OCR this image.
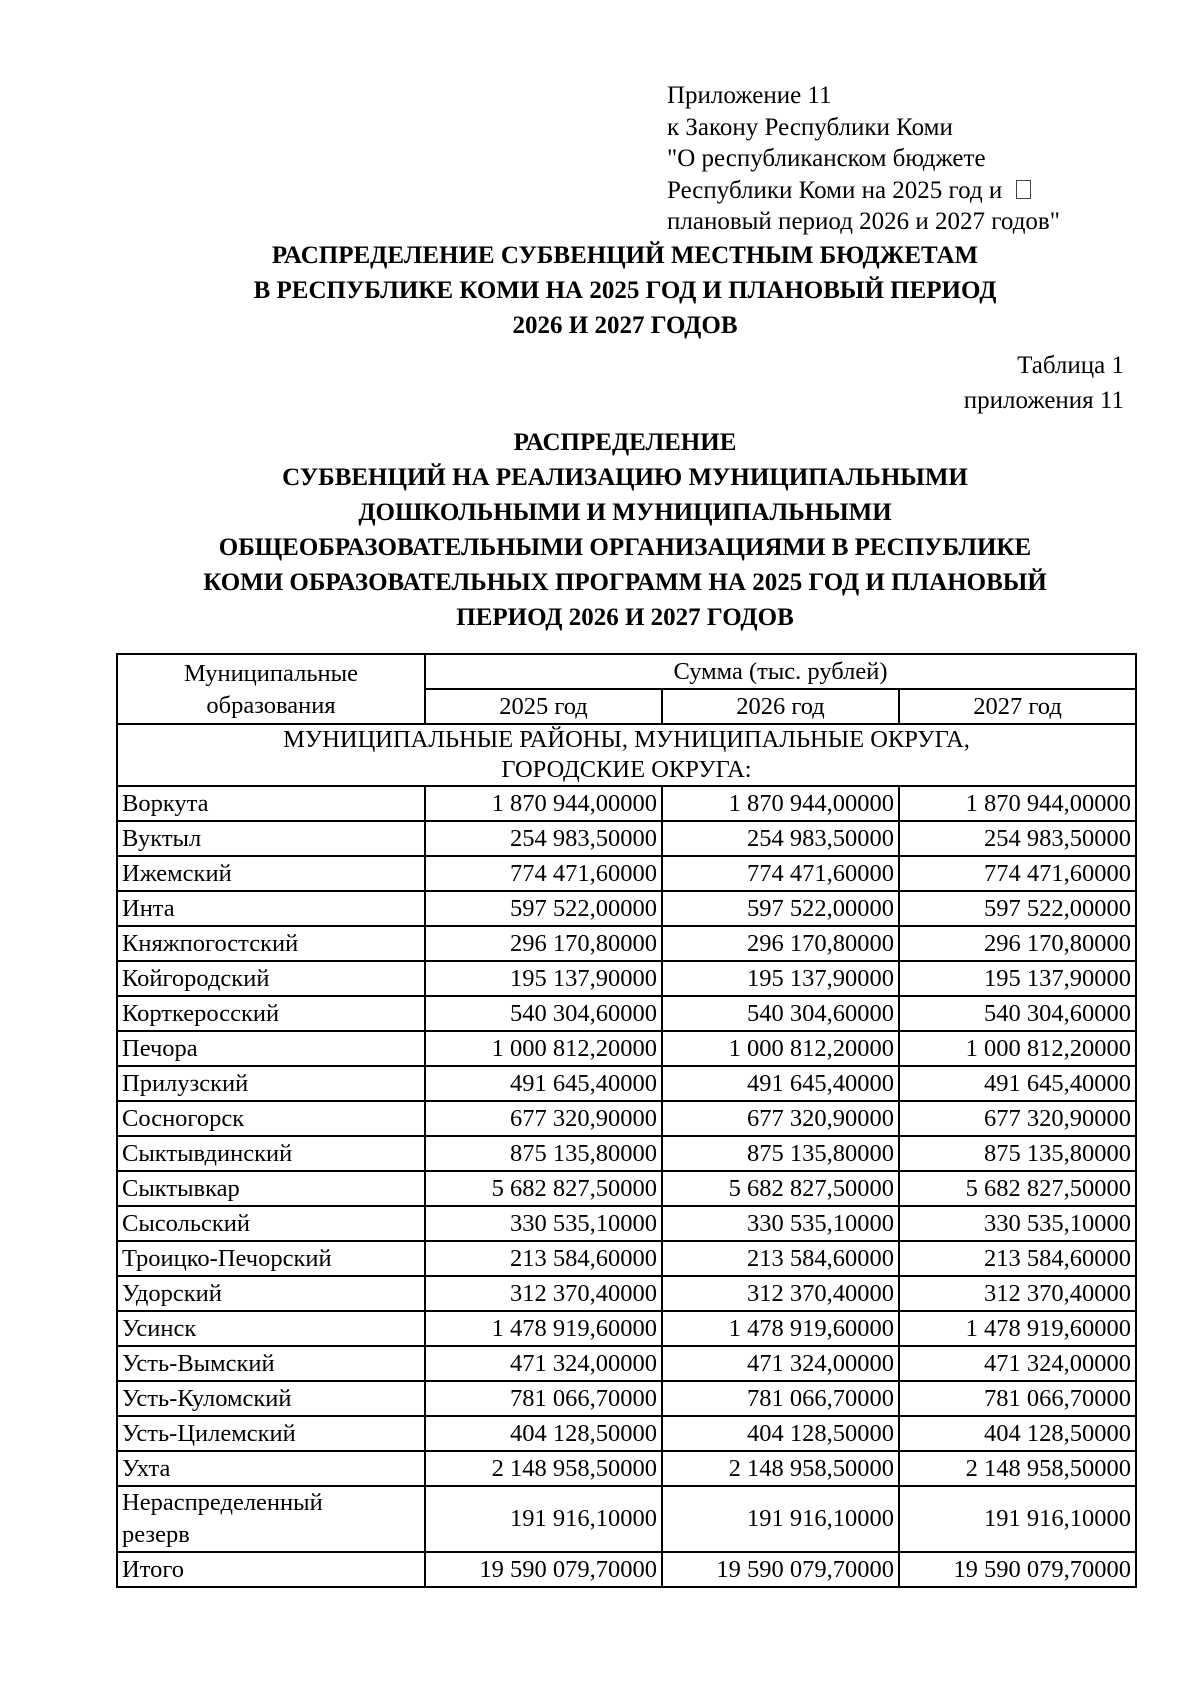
Приложение 11
к Закону Республики Коми
"О республиканском бюджете
Республики Коми на 2025 год и
плановый период 2026 и 2027 годов"
РАСПРЕДЕЛЕНИЕ СУБВЕНЦИЙ МЕСТНЫМ БЮДЖЕТАМ
В РЕСПУБЛИКЕ КОМИ НА 2025 ГОД И ПЛАНОВЫЙ ПЕРИОД
2026 И 2027 ГОДОВ
Таблица 1
приложения 11
РАСПРЕДЕЛЕНИЕ
СУБВЕНЦИЙ НА РЕАЛИЗАЦИЮ МУНИЦИПАЛЬНЫМИ
ДОШКОЛЬНЫМИ И МУНИЦИПАЛЬНЫМИ
ОБЩЕОБРАЗОВАТЕЛЬНЫМИ ОРГАНИЗАЦИЯМИ В РЕСПУБЛИКЕ
КОМИ ОБРАЗОВАТЕЛЬНЫХ ПРОГРАММ НА 2025 ГОД И ПЛАНОВЫЙ
ПЕРИОД 2026 И 2027 ГОДОВ
Муниципальные
образования	Сумма (тыс. рублей)		
	2025 год	2026 год	2027 год

МУНИЦИПАЛЬНЫЕ РАЙОНЫ, МУНИЦИПАЛЬНЫЕ ОКРУГА,
ГОРОДСКИЕ ОКРУГА:			

Воркута	1 870 944,00000	1 870 944,00000	1 870 944,00000
Вуктыл	254 983,50000	254 983,50000	254 983,50000
Ижемский	774 471,60000	774 471,60000	774 471,60000
Инта	597 522,00000	597 522,00000	597 522,00000
Княжпогостский	296 170,80000	296 170,80000	296 170,80000
Койгородский	195 137,90000	195 137,90000	195 137,90000
Корткеросский	540 304,60000	540 304,60000	540 304,60000
Печора	1 000 812,20000	1 000 812,20000	1 000 812,20000
Прилузский	491 645,40000	491 645,40000	491 645,40000
Сосногорск	677 320,90000	677 320,90000	677 320,90000
Сыктывдинский	875 135,80000	875 135,80000	875 135,80000
Сыктывкар	5 682 827,50000	5 682 827,50000	5 682 827,50000
Сысольский	330 535,10000	330 535,10000	330 535,10000
Троицко-Печорский	213 584,60000	213 584,60000	213 584,60000
Удорский	312 370,40000	312 370,40000	312 370,40000
Усинск	1 478 919,60000	1 478 919,60000	1 478 919,60000
Усть-Вымский	471 324,00000	471 324,00000	471 324,00000
Усть-Куломский	781 066,70000	781 066,70000	781 066,70000
Усть-Цилемский	404 128,50000	404 128,50000	404 128,50000
Ухта	2 148 958,50000	2 148 958,50000	2 148 958,50000

Нераспределенный
резерв	191 916,10000	191 916,10000	191 916,10000
Итого	19 590 079,70000	19 590 079,70000	19 590 079,70000
